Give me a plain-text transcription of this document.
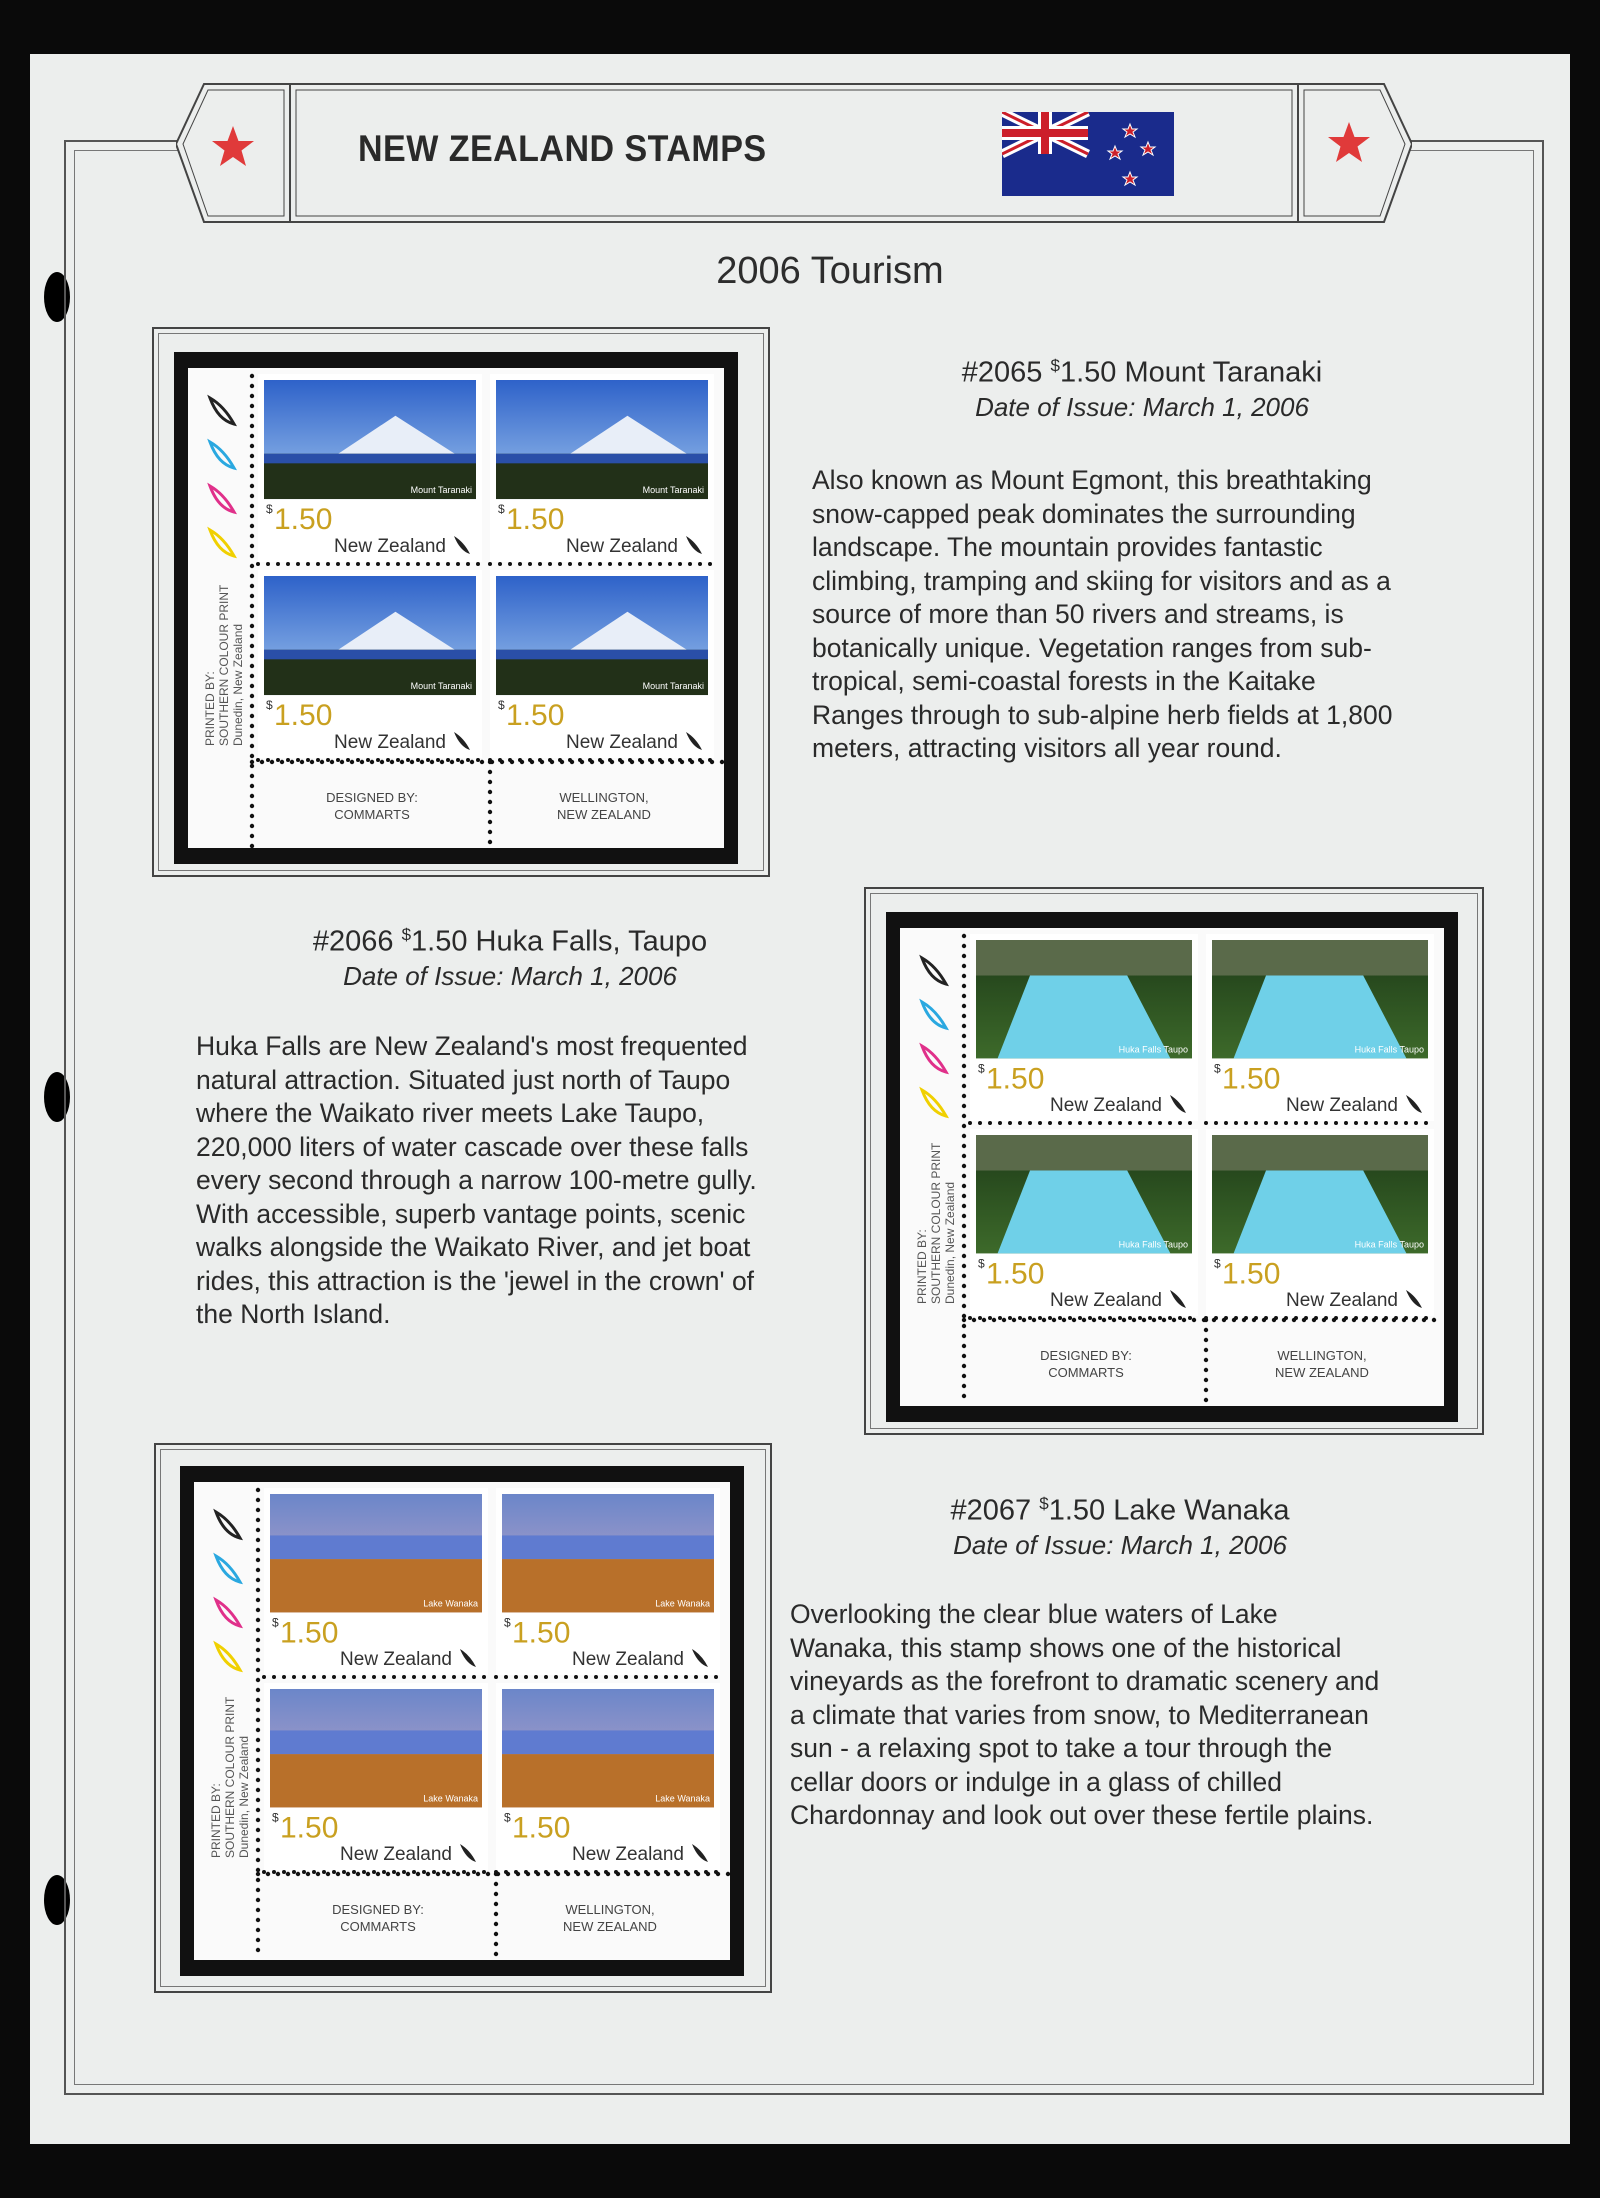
NEW ZEALAND STAMPS
2006 Tourism
PRINTED BY:SOUTHERN COLOUR PRINTDunedin, New Zealand
Mount Taranaki
$ 1.50
New Zealand
Mount Taranaki
$ 1.50
New Zealand
Mount Taranaki
$ 1.50
New Zealand
Mount Taranaki
$ 1.50
New Zealand
DESIGNED BY: COMMARTS
WELLINGTON, NEW ZEALAND
#2065 $1.50 Mount Taranaki
Date of Issue: March 1, 2006
Also known as Mount Egmont, this breathtaking
snow-capped peak dominates the surrounding
landscape. The mountain provides fantastic
climbing, tramping and skiing for visitors and as a
source of more than 50 rivers and streams, is
botanically unique. Vegetation ranges from sub-
tropical, semi-coastal forests in the Kaitake
Ranges through to sub-alpine herb fields at 1,800
meters, attracting visitors all year round.
#2066 $1.50 Huka Falls, Taupo
Date of Issue: March 1, 2006
Huka Falls are New Zealand's most frequented
natural attraction. Situated just north of Taupo
where the Waikato river meets Lake Taupo,
220,000 liters of water cascade over these falls
every second through a narrow 100-metre gully.
With accessible, superb vantage points, scenic
walks alongside the Waikato River, and jet boat
rides, this attraction is the 'jewel in the crown' of
the North Island.
PRINTED BY:SOUTHERN COLOUR PRINTDunedin, New Zealand
Huka Falls Taupo
$ 1.50
New Zealand
Huka Falls Taupo
$ 1.50
New Zealand
Huka Falls Taupo
$ 1.50
New Zealand
Huka Falls Taupo
$ 1.50
New Zealand
DESIGNED BY: COMMARTS
WELLINGTON, NEW ZEALAND
PRINTED BY:SOUTHERN COLOUR PRINTDunedin, New Zealand
Lake Wanaka
$ 1.50
New Zealand
Lake Wanaka
$ 1.50
New Zealand
Lake Wanaka
$ 1.50
New Zealand
Lake Wanaka
$ 1.50
New Zealand
DESIGNED BY: COMMARTS
WELLINGTON, NEW ZEALAND
#2067 $1.50 Lake Wanaka
Date of Issue: March 1, 2006
Overlooking the clear blue waters of Lake
Wanaka, this stamp shows one of the historical
vineyards as the forefront to dramatic scenery and
a climate that varies from snow, to Mediterranean
sun - a relaxing spot to take a tour through the
cellar doors or indulge in a glass of chilled
Chardonnay and look out over these fertile plains.
